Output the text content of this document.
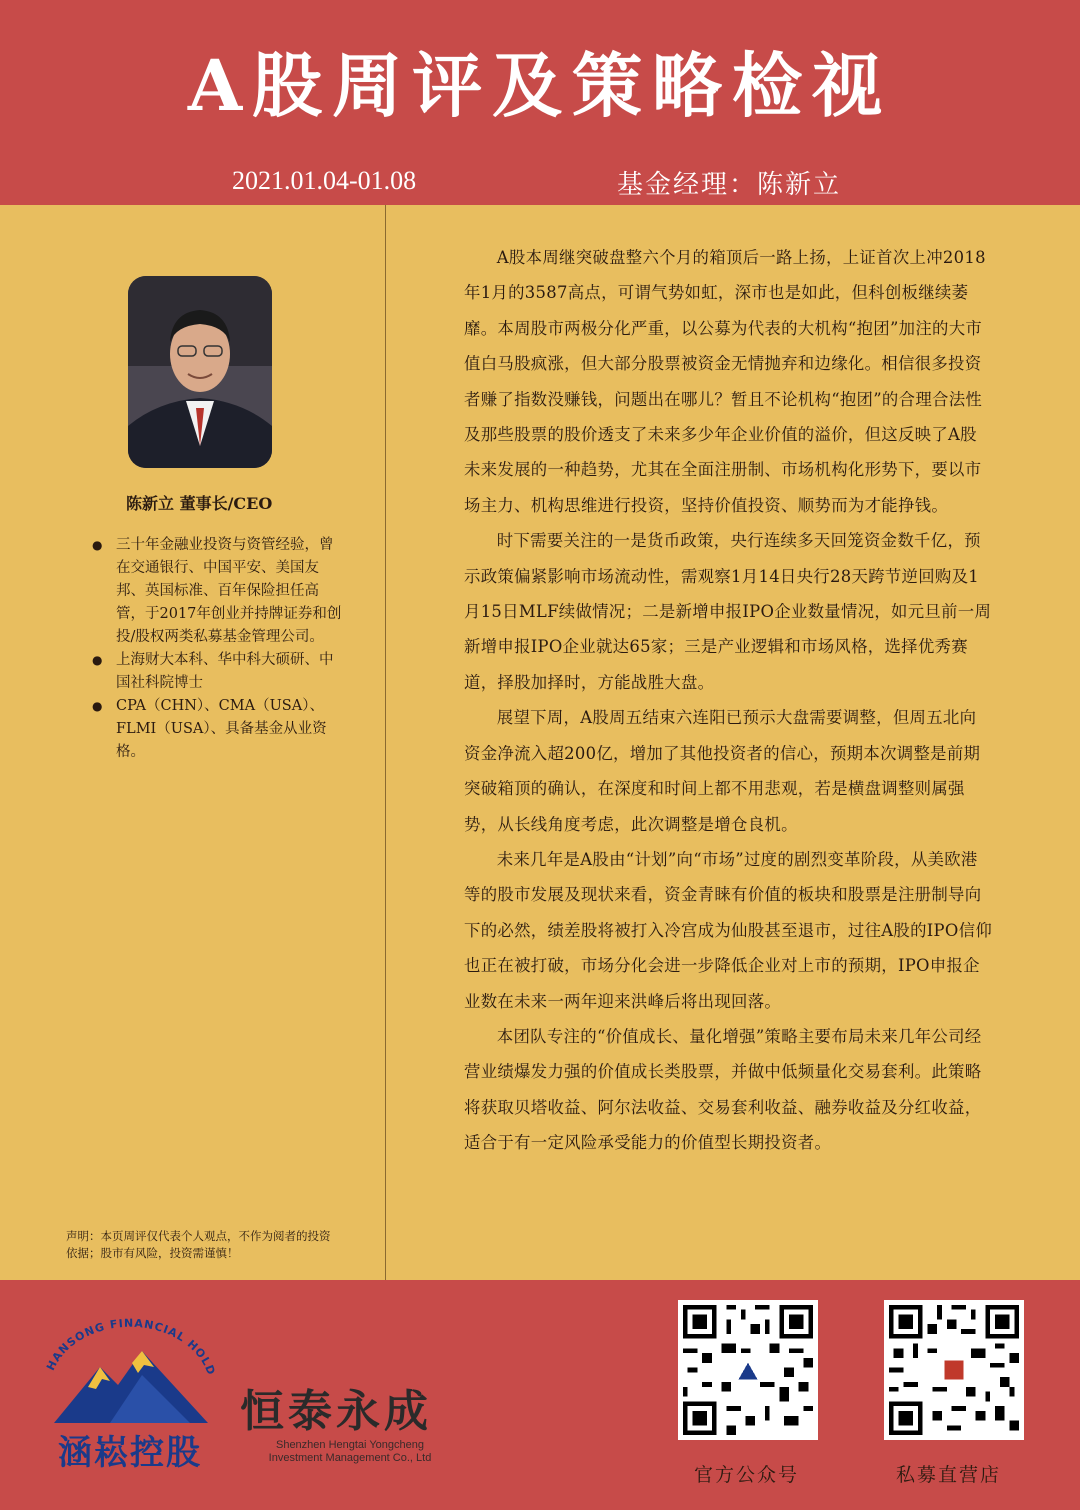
A股周评及策略检视
2021.01.04-01.08	基金经理：陈新立
陈新立 董事长/CEO
● 三十年金融业投资与资管经验，曾在交通银行、中国平安、美国友邦、英国标准、百年保险担任高管，于2017年创业并持牌证券和创投/股权两类私募基金管理公司。
● 上海财大本科、华中科大硕研、中国社科院博士
● CPA（CHN）、CMA（USA）、FLMI（USA）、具备基金从业资格。
声明：本页周评仅代表个人观点，不作为阅者的投资依据；股市有风险，投资需谨慎！

A股本周继突破盘整六个月的箱顶后一路上扬，上证首次上冲2018年1月的3587高点，可谓气势如虹，深市也是如此，但科创板继续萎靡。本周股市两极分化严重，以公募为代表的大机构“抱团”加注的大市值白马股疯涨，但大部分股票被资金无情抛弃和边缘化。相信很多投资者赚了指数没赚钱，问题出在哪儿？暂且不论机构“抱团”的合理合法性及那些股票的股价透支了未来多少年企业价值的溢价，但这反映了A股未来发展的一种趋势，尤其在全面注册制、市场机构化形势下，要以市场主力、机构思维进行投资，坚持价值投资、顺势而为才能挣钱。

时下需要关注的一是货币政策，央行连续多天回笼资金数千亿，预示政策偏紧影响市场流动性，需观察1月14日央行28天跨节逆回购及1月15日MLF续做情况；二是新增申报IPO企业数量情况，如元旦前一周新增申报IPO企业就达65家；三是产业逻辑和市场风格，选择优秀赛道，择股加择时，方能战胜大盘。

展望下周，A股周五结束六连阳已预示大盘需要调整，但周五北向资金净流入超200亿，增加了其他投资者的信心，预期本次调整是前期突破箱顶的确认，在深度和时间上都不用悲观，若是横盘调整则属强势，从长线角度考虑，此次调整是增仓良机。

未来几年是A股由“计划”向“市场”过度的剧烈变革阶段，从美欧港等的股市发展及现状来看，资金青睐有价值的板块和股票是注册制导向下的必然，绩差股将被打入冷宫成为仙股甚至退市，过往A股的IPO信仰也正在被打破，市场分化会进一步降低企业对上市的预期，IPO申报企业数在未来一两年迎来洪峰后将出现回落。

本团队专注的“价值成长、量化增强”策略主要布局未来几年公司经营业绩爆发力强的价值成长类股票，并做中低频量化交易套利。此策略将获取贝塔收益、阿尔法收益、交易套利收益、融券收益及分红收益，适合于有一定风险承受能力的价值型长期投资者。

HANSONG FINANCIAL HOLD
涵崧控股
恒泰永成
Shenzhen Hengtai Yongcheng
Investment Management Co., Ltd
官方公众号	私募直营店
